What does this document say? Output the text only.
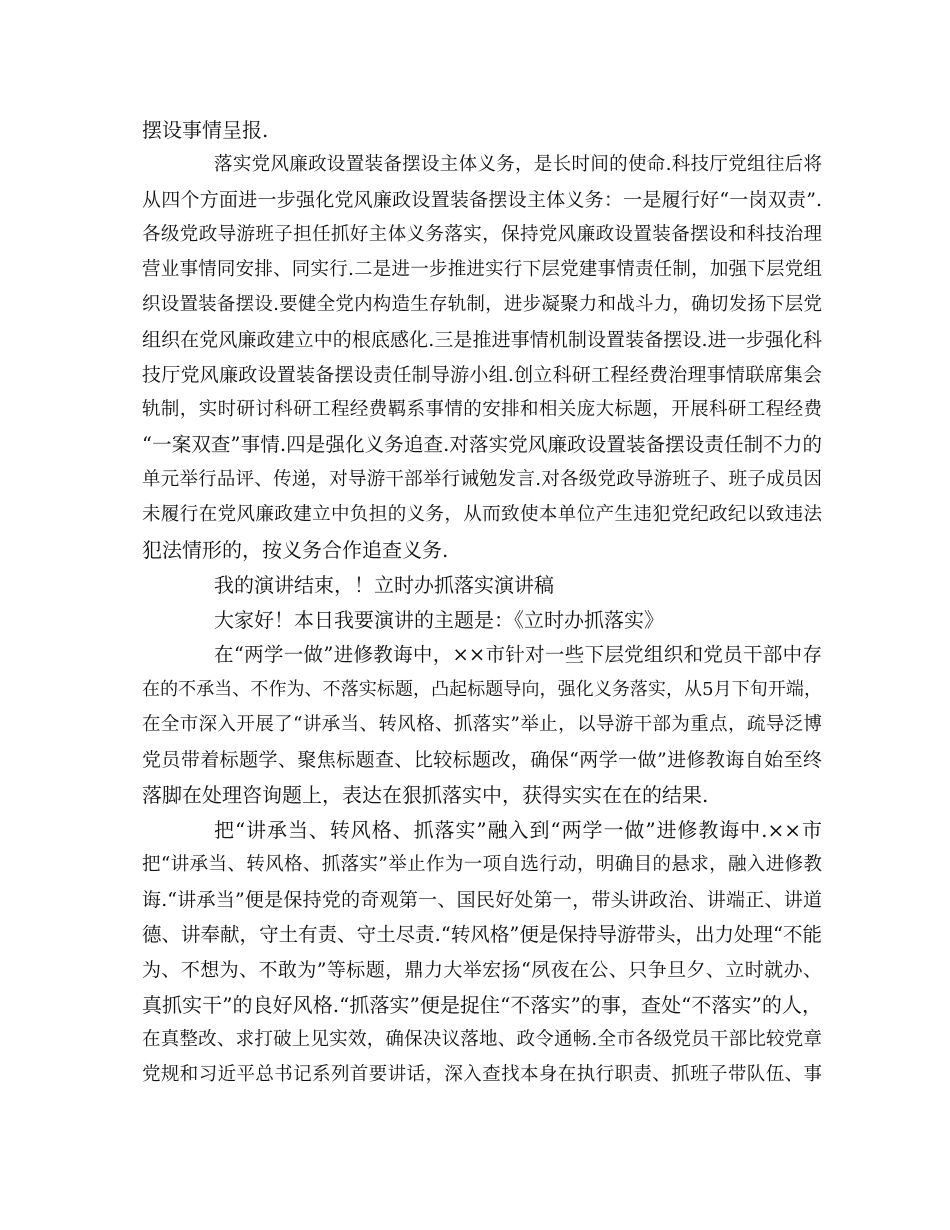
摆设事情呈报.
落实党风廉政设置装备摆设主体义务，是长时间的使命.科技厅党组往后将
从四个方面进一步强化党风廉政设置装备摆设主体义务：一是履行好“一岗双责”.
各级党政导游班子担任抓好主体义务落实，保持党风廉政设置装备摆设和科技治理
营业事情同安排、同实行.二是进一步推进实行下层党建事情责任制，加强下层党组
织设置装备摆设.要健全党内构造生存轨制，进步凝聚力和战斗力，确切发扬下层党
组织在党风廉政建立中的根底感化.三是推进事情机制设置装备摆设.进一步强化科
技厅党风廉政设置装备摆设责任制导游小组.创立科研工程经费治理事情联席集会
轨制，实时研讨科研工程经费羁系事情的安排和相关庞大标题，开展科研工程经费
“一案双查”事情.四是强化义务追查.对落实党风廉政设置装备摆设责任制不力的
单元举行品评、传递，对导游干部举行诫勉发言.对各级党政导游班子、班子成员因
未履行在党风廉政建立中负担的义务，从而致使本单位产生违犯党纪政纪以致违法
犯法情形的，按义务合作追查义务.
我的演讲结束，！立时办抓落实演讲稿
大家好！本日我要演讲的主题是：《立时办抓落实》
在“两学一做”进修教诲中，××市针对一些下层党组织和党员干部中存
在的不承当、不作为、不落实标题，凸起标题导向，强化义务落实，从5月下旬开端，
在全市深入开展了“讲承当、转风格、抓落实”举止，以导游干部为重点，疏导泛博
党员带着标题学、聚焦标题查、比较标题改，确保“两学一做”进修教诲自始至终
落脚在处理咨询题上，表达在狠抓落实中，获得实实在在的结果.
把“讲承当、转风格、抓落实”融入到“两学一做”进修教诲中.××市
把“讲承当、转风格、抓落实”举止作为一项自选行动，明确目的悬求，融入进修教
诲.“讲承当”便是保持党的奇观第一、国民好处第一，带头讲政治、讲端正、讲道
德、讲奉献，守土有责、守土尽责.“转风格”便是保持导游带头，出力处理“不能
为、不想为、不敢为”等标题，鼎力大举宏扬“夙夜在公、只争旦夕、立时就办、
真抓实干”的良好风格.“抓落实”便是捉住“不落实”的事，查处“不落实”的人，
在真整改、求打破上见实效，确保决议落地、政令通畅.全市各级党员干部比较党章
党规和习近平总书记系列首要讲话，深入查找本身在执行职责、抓班子带队伍、事
